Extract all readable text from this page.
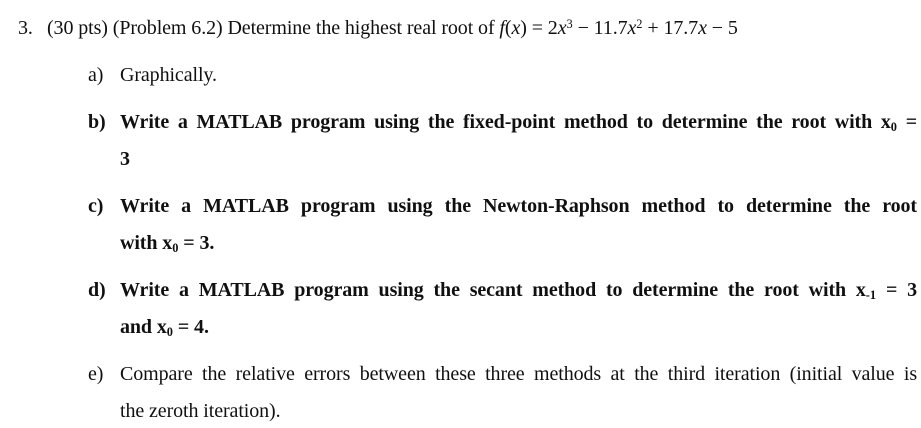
3. (30 pts) (Problem 6.2) Determine the highest real root of $f(x) = 2x^3 - 11.7x^2 + 17.7x - 5$
a) Graphically.
b) Write a MATLAB program using the fixed-point method to determine the root with $x_0$ =
3
c) Write a MATLAB program using the Newton-Raphson method to determine the root
with $x_0 = 3$.
d) Write a MATLAB program using the secant method to determine the root with $x_{-1} = 3$
and $x_0 = 4$.
e) Compare the relative errors between these three methods at the third iteration (initial value is
the zeroth iteration).
